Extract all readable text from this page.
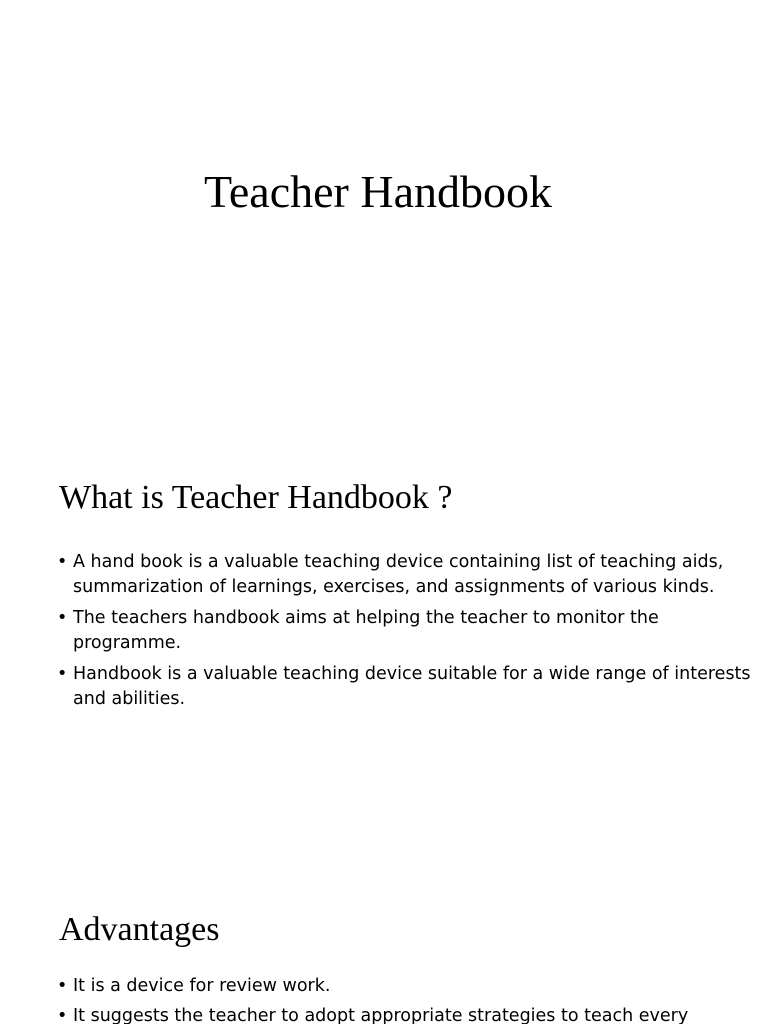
Teacher Handbook
What is Teacher Handbook ?
• A hand book is a valuable teaching device containing list of teaching aids, summarization of learnings, exercises, and assignments of various kinds.
• The teachers handbook aims at helping the teacher to monitor the programme.
• Handbook is a valuable teaching device suitable for a wide range of interests and abilities.
Advantages
• It is a device for review work.
• It suggests the teacher to adopt appropriate strategies to teach every
